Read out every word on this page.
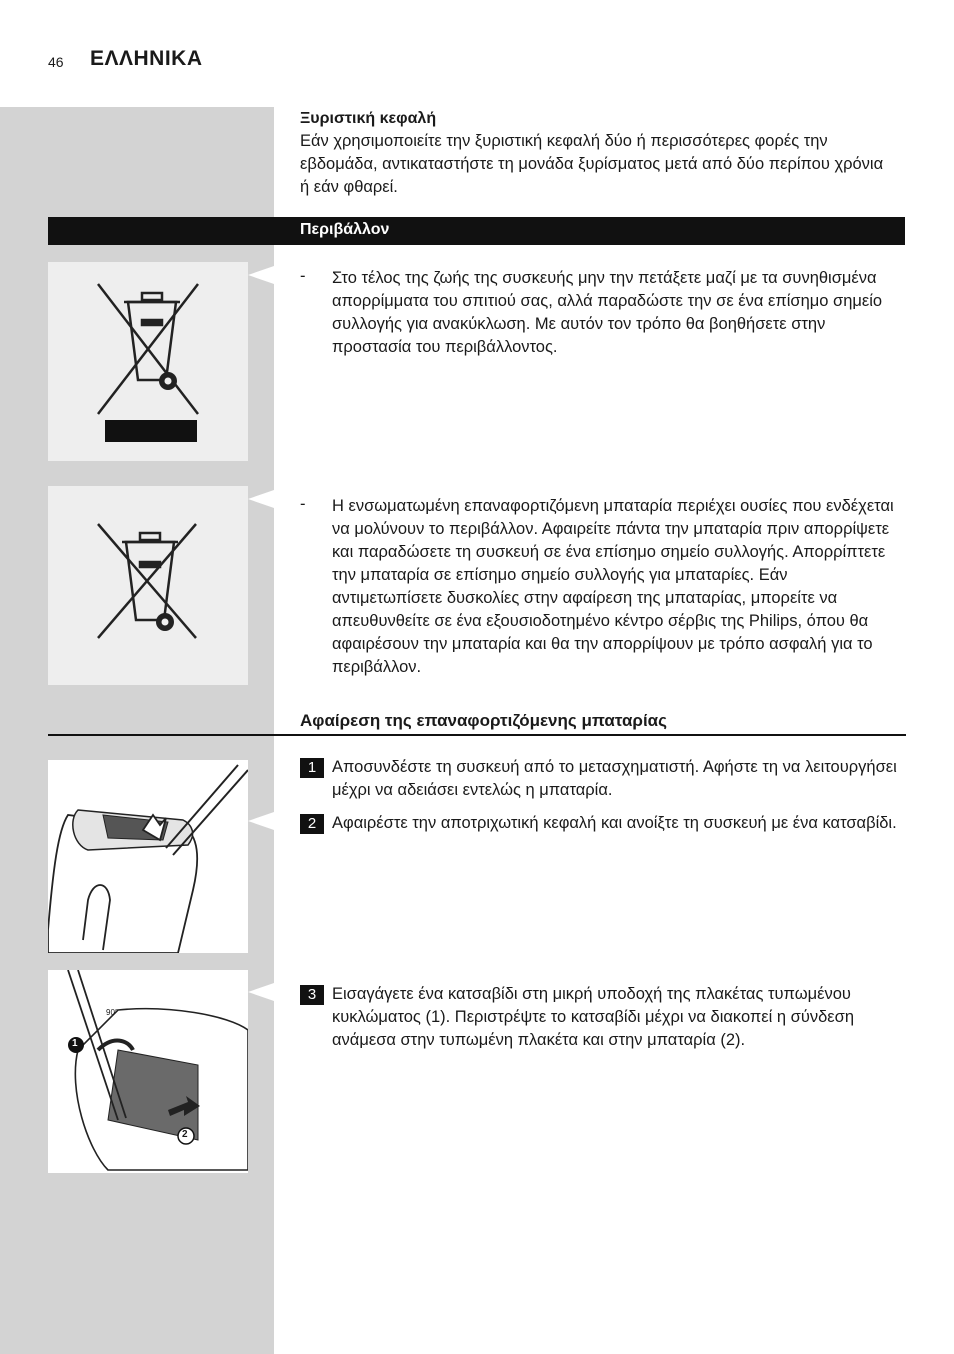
46 ΕΛΛΗΝΙΚΑ
Ξυριστική κεφαλή
Εάν χρησιμοποιείτε την ξυριστική κεφαλή δύο ή περισσότερες φορές την εβδομάδα, αντικαταστήστε τη μονάδα ξυρίσματος μετά από δύο περίπου χρόνια ή εάν φθαρεί.
Περιβάλλον
- Στο τέλος της ζωής της συσκευής μην την πετάξετε μαζί με τα συνηθισμένα απορρίμματα του σπιτιού σας, αλλά παραδώστε την σε ένα επίσημο σημείο συλλογής για ανακύκλωση. Με αυτόν τον τρόπο θα βοηθήσετε στην προστασία του περιβάλλοντος.
- Η ενσωματωμένη επαναφορτιζόμενη μπαταρία περιέχει ουσίες που ενδέχεται να μολύνουν το περιβάλλον. Αφαιρείτε πάντα την μπαταρία πριν απορρίψετε και παραδώσετε τη συσκευή σε ένα επίσημο σημείο συλλογής. Απορρίπτετε την μπαταρία σε επίσημο σημείο συλλογής για μπαταρίες. Εάν αντιμετωπίσετε δυσκολίες στην αφαίρεση της μπαταρίας, μπορείτε να απευθυνθείτε σε ένα εξουσιοδοτημένο κέντρο σέρβις της Philips, όπου θα αφαιρέσουν την μπαταρία και θα την απορρίψουν με τρόπο ασφαλή για το περιβάλλον.
Αφαίρεση της επαναφορτιζόμενης μπαταρίας
1 Αποσυνδέστε τη συσκευή από το μετασχηματιστή. Αφήστε τη να λειτουργήσει μέχρι να αδειάσει εντελώς η μπαταρία.
2 Αφαιρέστε την αποτριχωτική κεφαλή και ανοίξτε τη συσκευή με ένα κατσαβίδι.
90°
1
2
3 Εισαγάγετε ένα κατσαβίδι στη μικρή υποδοχή της πλακέτας τυπωμένου κυκλώματος (1). Περιστρέψτε το κατσαβίδι μέχρι να διακοπεί η σύνδεση ανάμεσα στην τυπωμένη πλακέτα και στην μπαταρία (2).
